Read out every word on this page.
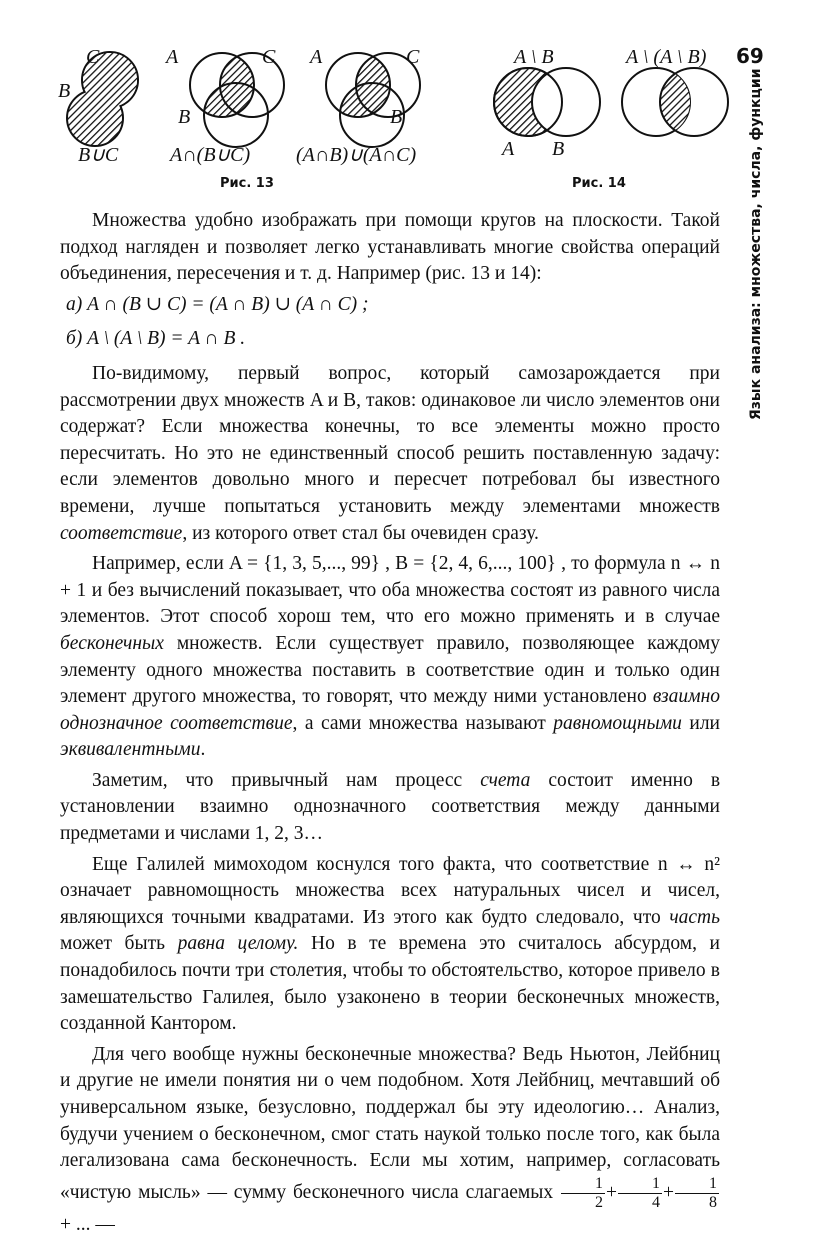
69
Язык анализа: множества, числа, функции
C
B
B∪C
A	C
B
A∩(B∪C)
A	C
B
(A∩B)∪(A∩C)
Рис. 13
A \ B
A B
A \ (A \ B)
Рис. 14

Множества удобно изображать при помощи кругов на плоскости. Такой подход нагляден и позволяет легко устанавливать многие свойства операций объединения, пересечения и т. д. Например (рис. 13 и 14):

а) A ∩ (B ∪ C) = (A ∩ B) ∪ (A ∩ C) ;

б) A \ (A \ B) = A ∩ B .

По-видимому, первый вопрос, который самозарождается при рассмотрении двух множеств A и B, таков: одинаковое ли число элементов они содержат? Если множества конечны, то все элементы можно просто пересчитать. Но это не единственный способ решить поставленную задачу: если элементов довольно много и пересчет потребовал бы известного времени, лучше попытаться установить между элементами множеств соответствие, из которого ответ стал бы очевиден сразу.

Например, если A = {1, 3, 5,..., 99} , B = {2, 4, 6,..., 100} , то формула n ↔ n + 1 и без вычислений показывает, что оба множества состоят из равного числа элементов. Этот способ хорош тем, что его можно применять и в случае бесконечных множеств. Если существует правило, позволяющее каждому элементу одного множества поставить в соответствие один и только один элемент другого множества, то говорят, что между ними установлено взаимно однозначное соответствие, а сами множества называют равномощными или эквивалентными.

Заметим, что привычный нам процесс счета состоит именно в установлении взаимно однозначного соответствия между данными предметами и числами 1, 2, 3…

Еще Галилей мимоходом коснулся того факта, что соответствие n ↔ n² означает равномощность множества всех натуральных чисел и чисел, являющихся точными квадратами. Из этого как будто следовало, что часть может быть равна целому. Но в те времена это считалось абсурдом, и понадобилось почти три столетия, чтобы то обстоятельство, которое привело в замешательство Галилея, было узаконено в теории бесконечных множеств, созданной Кантором.

Для чего вообще нужны бесконечные множества? Ведь Ньютон, Лейбниц и другие не имели понятия ни о чем подобном. Хотя Лейбниц, мечтавший об универсальном языке, безусловно, поддержал бы эту идеологию… Анализ, будучи учением о бесконечном, смог стать наукой только после того, как была легализована сама бесконечность. Если мы хотим, например, согласовать «чистую мысль» — сумму бесконечного числа слагаемых $\frac{1}{2} + \frac{1}{4} + \frac{1}{8}$
+ ... —
